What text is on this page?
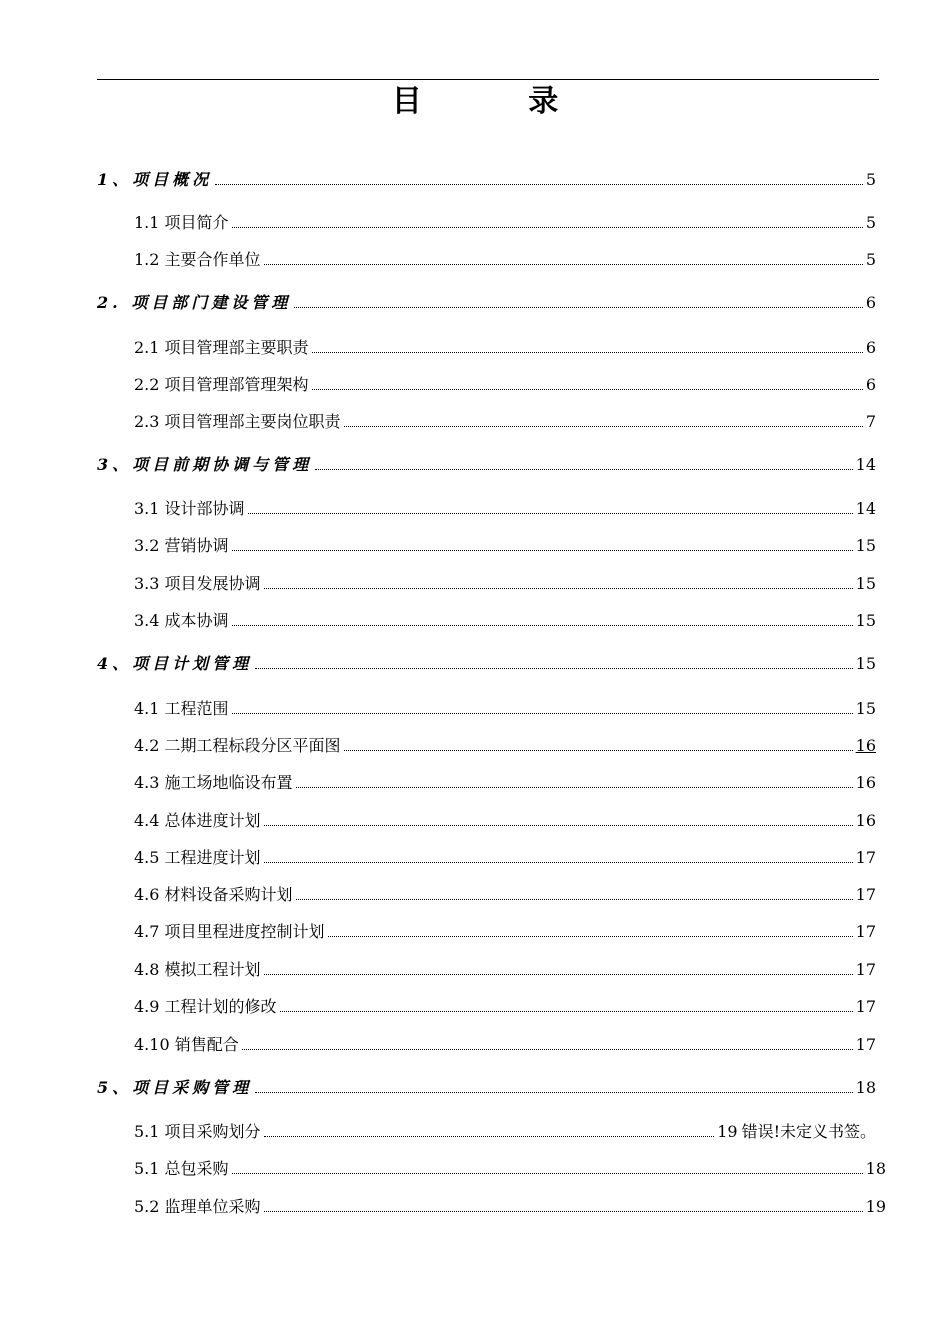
目 录
1、项目概况	5
1.1 项目简介	5
1.2 主要合作单位	5
2. 项目部门建设管理	6
2.1 项目管理部主要职责	6
2.2 项目管理部管理架构	6
2.3 项目管理部主要岗位职责	7
3、项目前期协调与管理	14
3.1 设计部协调	14
3.2 营销协调	15
3.3 项目发展协调	15
3.4 成本协调	15
4、项目计划管理	15
4.1 工程范围	15
4.2 二期工程标段分区平面图	16
4.3 施工场地临设布置	16
4.4 总体进度计划	16
4.5 工程进度计划	17
4.6 材料设备采购计划	17
4.7 项目里程进度控制计划	17
4.8 模拟工程计划	17
4.9 工程计划的修改	17
4.10 销售配合	17
5、项目采购管理	18
5.1 项目采购划分	19 错误!未定义书签。
5.1 总包采购	18
5.2 监理单位采购	19
